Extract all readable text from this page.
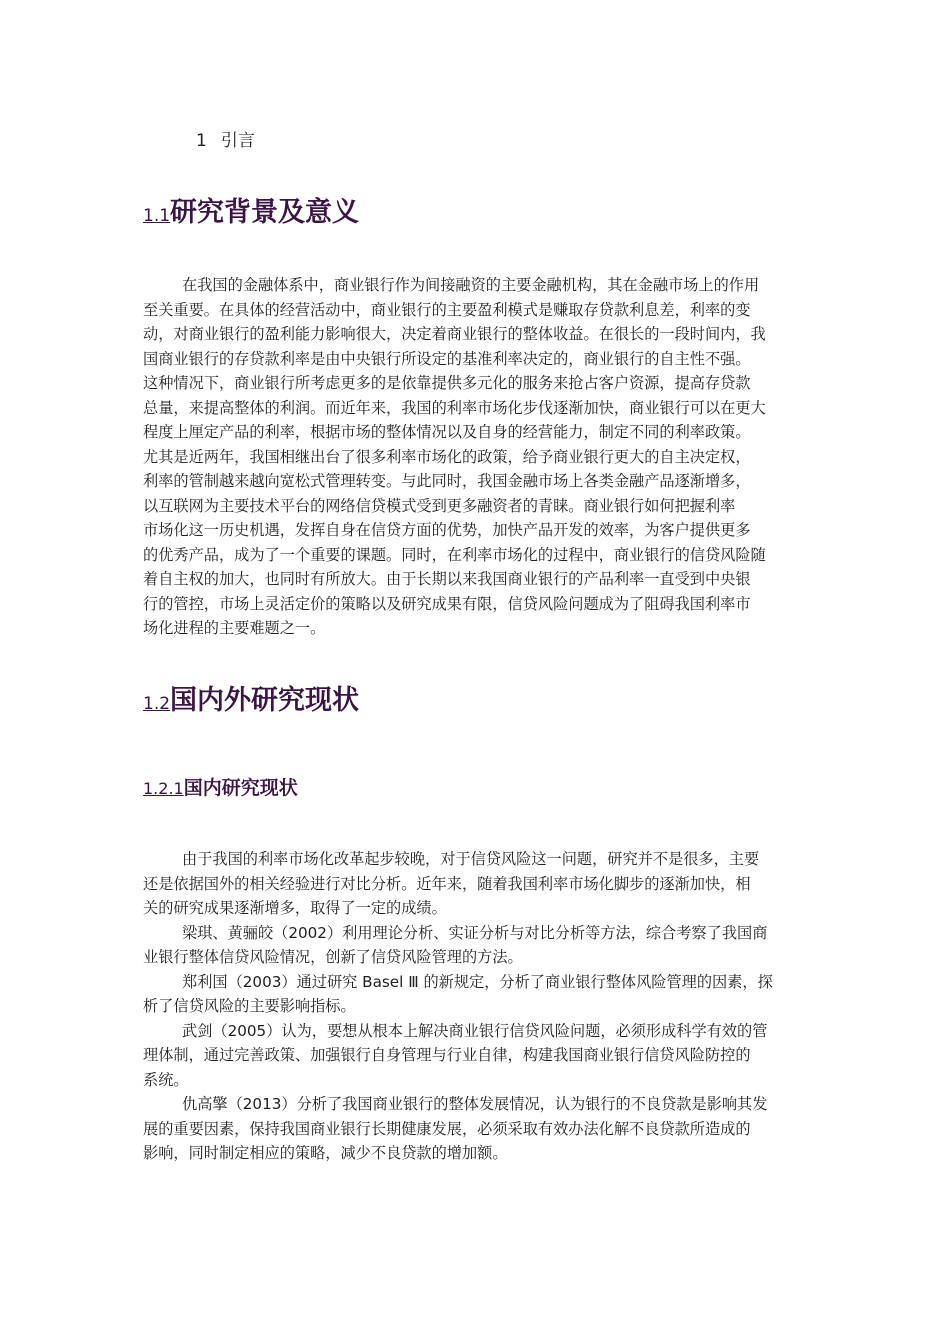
1 引言
1.1研究背景及意义
在我国的金融体系中，商业银行作为间接融资的主要金融机构，其在金融市场上的作用
至关重要。在具体的经营活动中，商业银行的主要盈利模式是赚取存贷款利息差，利率的变
动，对商业银行的盈利能力影响很大，决定着商业银行的整体收益。在很长的一段时间内，我
国商业银行的存贷款利率是由中央银行所设定的基准利率决定的，商业银行的自主性不强。
这种情况下，商业银行所考虑更多的是依靠提供多元化的服务来抢占客户资源，提高存贷款
总量，来提高整体的利润。而近年来，我国的利率市场化步伐逐渐加快，商业银行可以在更大
程度上厘定产品的利率，根据市场的整体情况以及自身的经营能力，制定不同的利率政策。
尤其是近两年，我国相继出台了很多利率市场化的政策，给予商业银行更大的自主决定权，
利率的管制越来越向宽松式管理转变。与此同时，我国金融市场上各类金融产品逐渐增多，
以互联网为主要技术平台的网络信贷模式受到更多融资者的青睐。商业银行如何把握利率
市场化这一历史机遇，发挥自身在信贷方面的优势，加快产品开发的效率，为客户提供更多
的优秀产品，成为了一个重要的课题。同时，在利率市场化的过程中，商业银行的信贷风险随
着自主权的加大，也同时有所放大。由于长期以来我国商业银行的产品利率一直受到中央银
行的管控，市场上灵活定价的策略以及研究成果有限，信贷风险问题成为了阻碍我国利率市
场化进程的主要难题之一。
1.2国内外研究现状
1.2.1国内研究现状
由于我国的利率市场化改革起步较晚，对于信贷风险这一问题，研究并不是很多，主要
还是依据国外的相关经验进行对比分析。近年来，随着我国利率市场化脚步的逐渐加快，相
关的研究成果逐渐增多，取得了一定的成绩。
梁琪、黄骊皎（2002）利用理论分析、实证分析与对比分析等方法，综合考察了我国商
业银行整体信贷风险情况，创新了信贷风险管理的方法。
郑利国（2003）通过研究 Basel Ⅲ 的新规定，分析了商业银行整体风险管理的因素，探
析了信贷风险的主要影响指标。
武剑（2005）认为，要想从根本上解决商业银行信贷风险问题，必须形成科学有效的管
理体制，通过完善政策、加强银行自身管理与行业自律，构建我国商业银行信贷风险防控的
系统。
仇高擎（2013）分析了我国商业银行的整体发展情况，认为银行的不良贷款是影响其发
展的重要因素，保持我国商业银行长期健康发展，必须采取有效办法化解不良贷款所造成的
影响，同时制定相应的策略，减少不良贷款的增加额。
